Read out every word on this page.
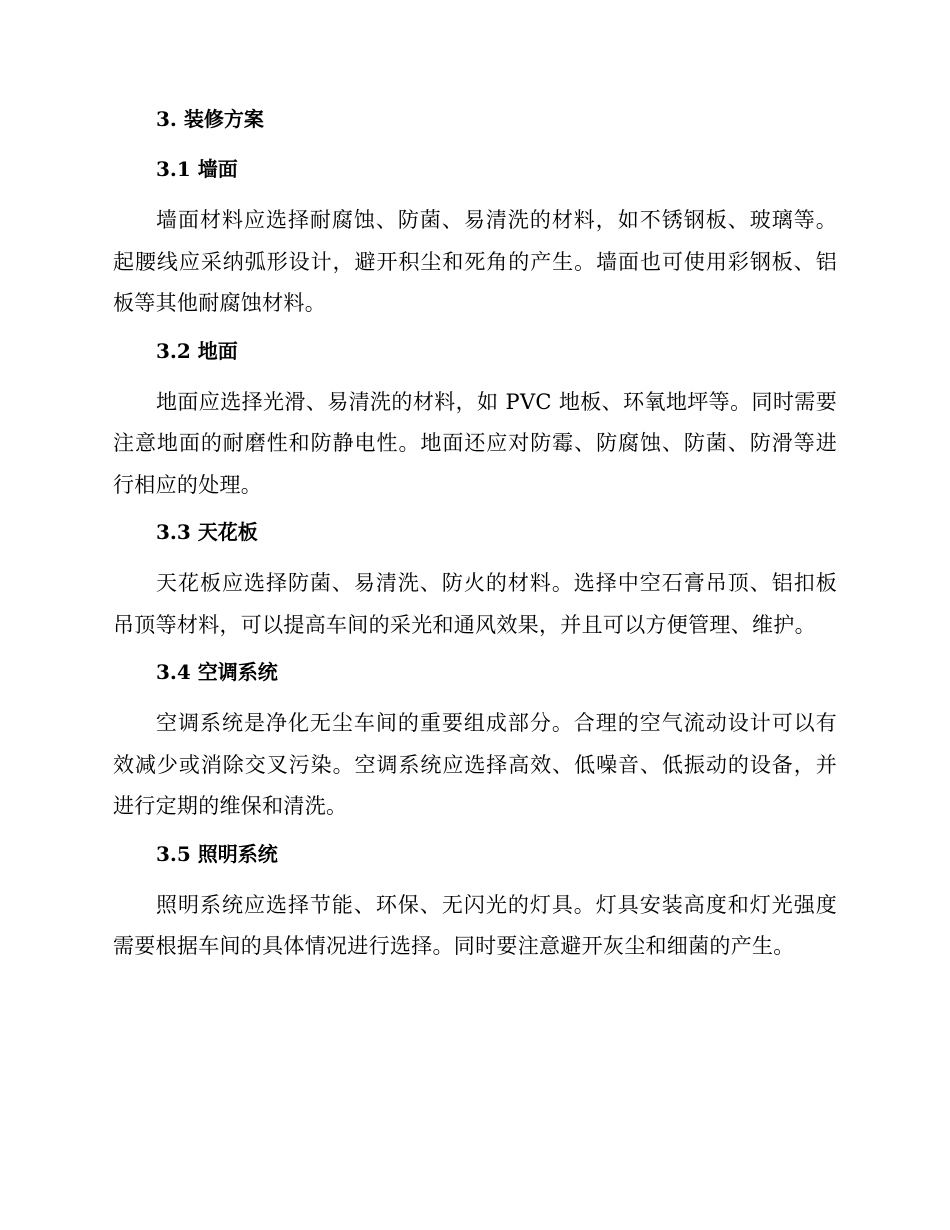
3. 装修方案
3.1 墙面

墙面材料应选择耐腐蚀、防菌、易清洗的材料，如不锈钢板、玻璃等。起腰线应采纳弧形设计，避开积尘和死角的产生。墙面也可使用彩钢板、铝板等其他耐腐蚀材料。

3.2 地面

地面应选择光滑、易清洗的材料，如 PVC 地板、环氧地坪等。同时需要注意地面的耐磨性和防静电性。地面还应对防霉、防腐蚀、防菌、防滑等进行相应的处理。

3.3 天花板

天花板应选择防菌、易清洗、防火的材料。选择中空石膏吊顶、铝扣板吊顶等材料，可以提高车间的采光和通风效果，并且可以方便管理、维护。

3.4 空调系统

空调系统是净化无尘车间的重要组成部分。合理的空气流动设计可以有效减少或消除交叉污染。空调系统应选择高效、低噪音、低振动的设备，并进行定期的维保和清洗。

3.5 照明系统

照明系统应选择节能、环保、无闪光的灯具。灯具安装高度和灯光强度需要根据车间的具体情况进行选择。同时要注意避开灰尘和细菌的产生。
